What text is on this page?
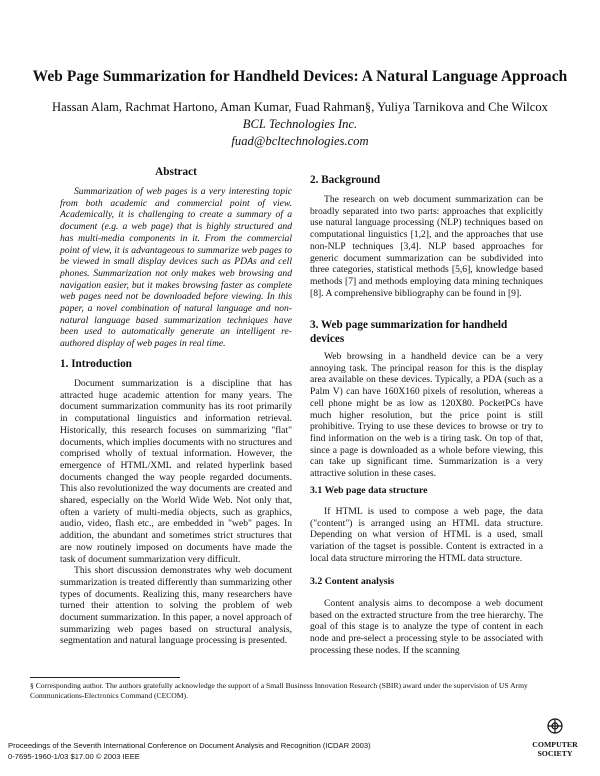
Web Page Summarization for Handheld Devices: A Natural Language Approach
Hassan Alam, Rachmat Hartono, Aman Kumar, Fuad Rahman§, Yuliya Tarnikova and Che Wilcox
BCL Technologies Inc.
fuad@bcltechnologies.com
Abstract

Summarization of web pages is a very interesting topic from both academic and commercial point of view. Academically, it is challenging to create a summary of a document (e.g. a web page) that is highly structured and has multi-media components in it. From the commercial point of view, it is advantageous to summarize web pages to be viewed in small display devices such as PDAs and cell phones. Summarization not only makes web browsing and navigation easier, but it makes browsing faster as complete web pages need not be downloaded before viewing. In this paper, a novel combination of natural language and non-natural language based summarization techniques have been used to automatically generate an intelligent re-authored display of web pages in real time.

1. Introduction

Document summarization is a discipline that has attracted huge academic attention for many years. The document summarization community has its root primarily in computational linguistics and information retrieval. Historically, this research focuses on summarizing "flat" documents, which implies documents with no structures and comprised wholly of textual information. However, the emergence of HTML/XML and related hyperlink based documents changed the way people regarded documents. This also revolutionized the way documents are created and shared, especially on the World Wide Web. Not only that, often a variety of multi-media objects, such as graphics, audio, video, flash etc., are embedded in "web" pages. In addition, the abundant and sometimes strict structures that are now routinely imposed on documents have made the task of document summarization very difficult.

This short discussion demonstrates why web document summarization is treated differently than summarizing other types of documents. Realizing this, many researchers have turned their attention to solving the problem of web document summarization. In this paper, a novel approach of summarizing web pages based on structural analysis, segmentation and natural language processing is presented.

2. Background

The research on web document summarization can be broadly separated into two parts: approaches that explicitly use natural language processing (NLP) techniques based on computational linguistics [1,2], and the approaches that use non-NLP techniques [3,4]. NLP based approaches for generic document summarization can be subdivided into three categories, statistical methods [5,6], knowledge based methods [7] and methods employing data mining techniques [8]. A comprehensive bibliography can be found in [9].

3. Web page summarization for handheld devices

Web browsing in a handheld device can be a very annoying task. The principal reason for this is the display area available on these devices. Typically, a PDA (such as a Palm V) can have 160X160 pixels of resolution, whereas a cell phone might be as low as 120X80. PocketPCs have much higher resolution, but the price point is still prohibitive. Trying to use these devices to browse or try to find information on the web is a tiring task. On top of that, since a page is downloaded as a whole before viewing, this can take up significant time. Summarization is a very attractive solution in these cases.

3.1 Web page data structure

If HTML is used to compose a web page, the data ("content") is arranged using an HTML data structure. Depending on what version of HTML is a used, small variation of the tagset is possible. Content is extracted in a local data structure mirroring the HTML data structure.

3.2 Content analysis

Content analysis aims to decompose a web document based on the extracted structure from the tree hierarchy. The goal of this stage is to analyze the type of content in each node and pre-select a processing style to be associated with processing these nodes. If the scanning

§ Corresponding author. The authors gratefully acknowledge the support of a Small Business Innovation Research (SBIR) award under the supervision of US Army Communications-Electronics Command (CECOM).
Proceedings of the Seventh International Conference on Document Analysis and Recognition (ICDAR 2003)
0-7695-1960-1/03 $17.00 © 2003 IEEE
COMPUTER
SOCIETY
